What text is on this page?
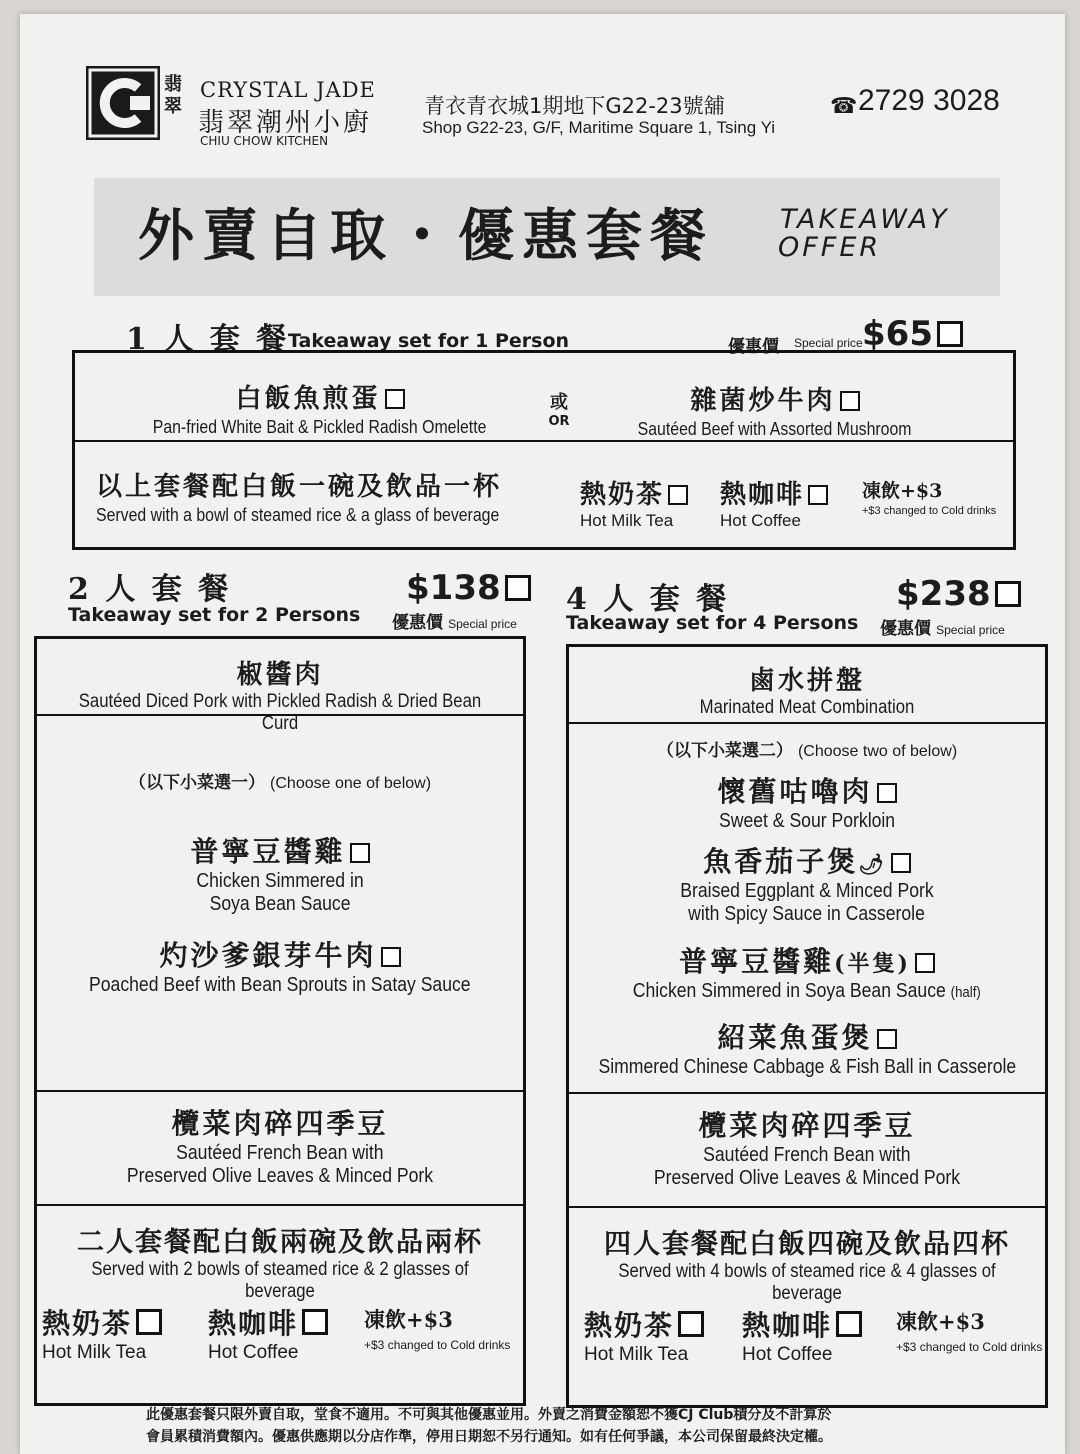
翡翠
CRYSTAL JADE
翡翠潮州小廚
CHIU CHOW KITCHEN
青衣青衣城1期地下G22-23號舖
Shop G22-23, G/F, Maritime Square 1, Tsing Yi
☎ 2729 3028
外賣自取・優惠套餐 TAKEAWAY
OFFER
1 人 套 餐
Takeaway set for 1 Person	優惠價 Special price $65
白飯魚煎蛋
Pan-fried White Bait & Pickled Radish Omelette
或
OR
雜菌炒牛肉
Sautéed Beef with Assorted Mushroom
以上套餐配白飯一碗及飲品一杯
Served with a bowl of steamed rice & a glass of beverage
熱奶茶
Hot Milk Tea
熱咖啡
Hot Coffee
凍飲+$3
+$3 changed to Cold drinks
2 人 套 餐
Takeaway set for 2 Persons
$138
優惠價 Special price
椒醬肉
Sautéed Diced Pork with Pickled Radish & Dried Bean Curd
（以下小菜選一） (Choose one of below)
普寧豆醬雞
Chicken Simmered in
Soya Bean Sauce
灼沙爹銀芽牛肉
Poached Beef with Bean Sprouts in Satay Sauce
欖菜肉碎四季豆
Sautéed French Bean with
Preserved Olive Leaves & Minced Pork
二人套餐配白飯兩碗及飲品兩杯
Served with 2 bowls of steamed rice & 2 glasses of beverage
熱奶茶
Hot Milk Tea
熱咖啡
Hot Coffee
凍飲+$3
+$3 changed to Cold drinks
4 人 套 餐
Takeaway set for 4 Persons
$238
優惠價 Special price
鹵水拼盤
Marinated Meat Combination
（以下小菜選二） (Choose two of below)
懷舊咕嚕肉
Sweet & Sour Porkloin
魚香茄子煲🌶
Braised Eggplant & Minced Pork
with Spicy Sauce in Casserole
普寧豆醬雞(半隻)
Chicken Simmered in Soya Bean Sauce (half)
紹菜魚蛋煲
Simmered Chinese Cabbage & Fish Ball in Casserole
欖菜肉碎四季豆
Sautéed French Bean with
Preserved Olive Leaves & Minced Pork
四人套餐配白飯四碗及飲品四杯
Served with 4 bowls of steamed rice & 4 glasses of beverage
熱奶茶
Hot Milk Tea
熱咖啡
Hot Coffee
凍飲+$3
+$3 changed to Cold drinks
此優惠套餐只限外賣自取，堂食不適用。不可與其他優惠並用。外賣之消費金額恕不獲CJ Club積分及不計算於
會員累積消費額內。優惠供應期以分店作準，停用日期恕不另行通知。如有任何爭議，本公司保留最終決定權。
